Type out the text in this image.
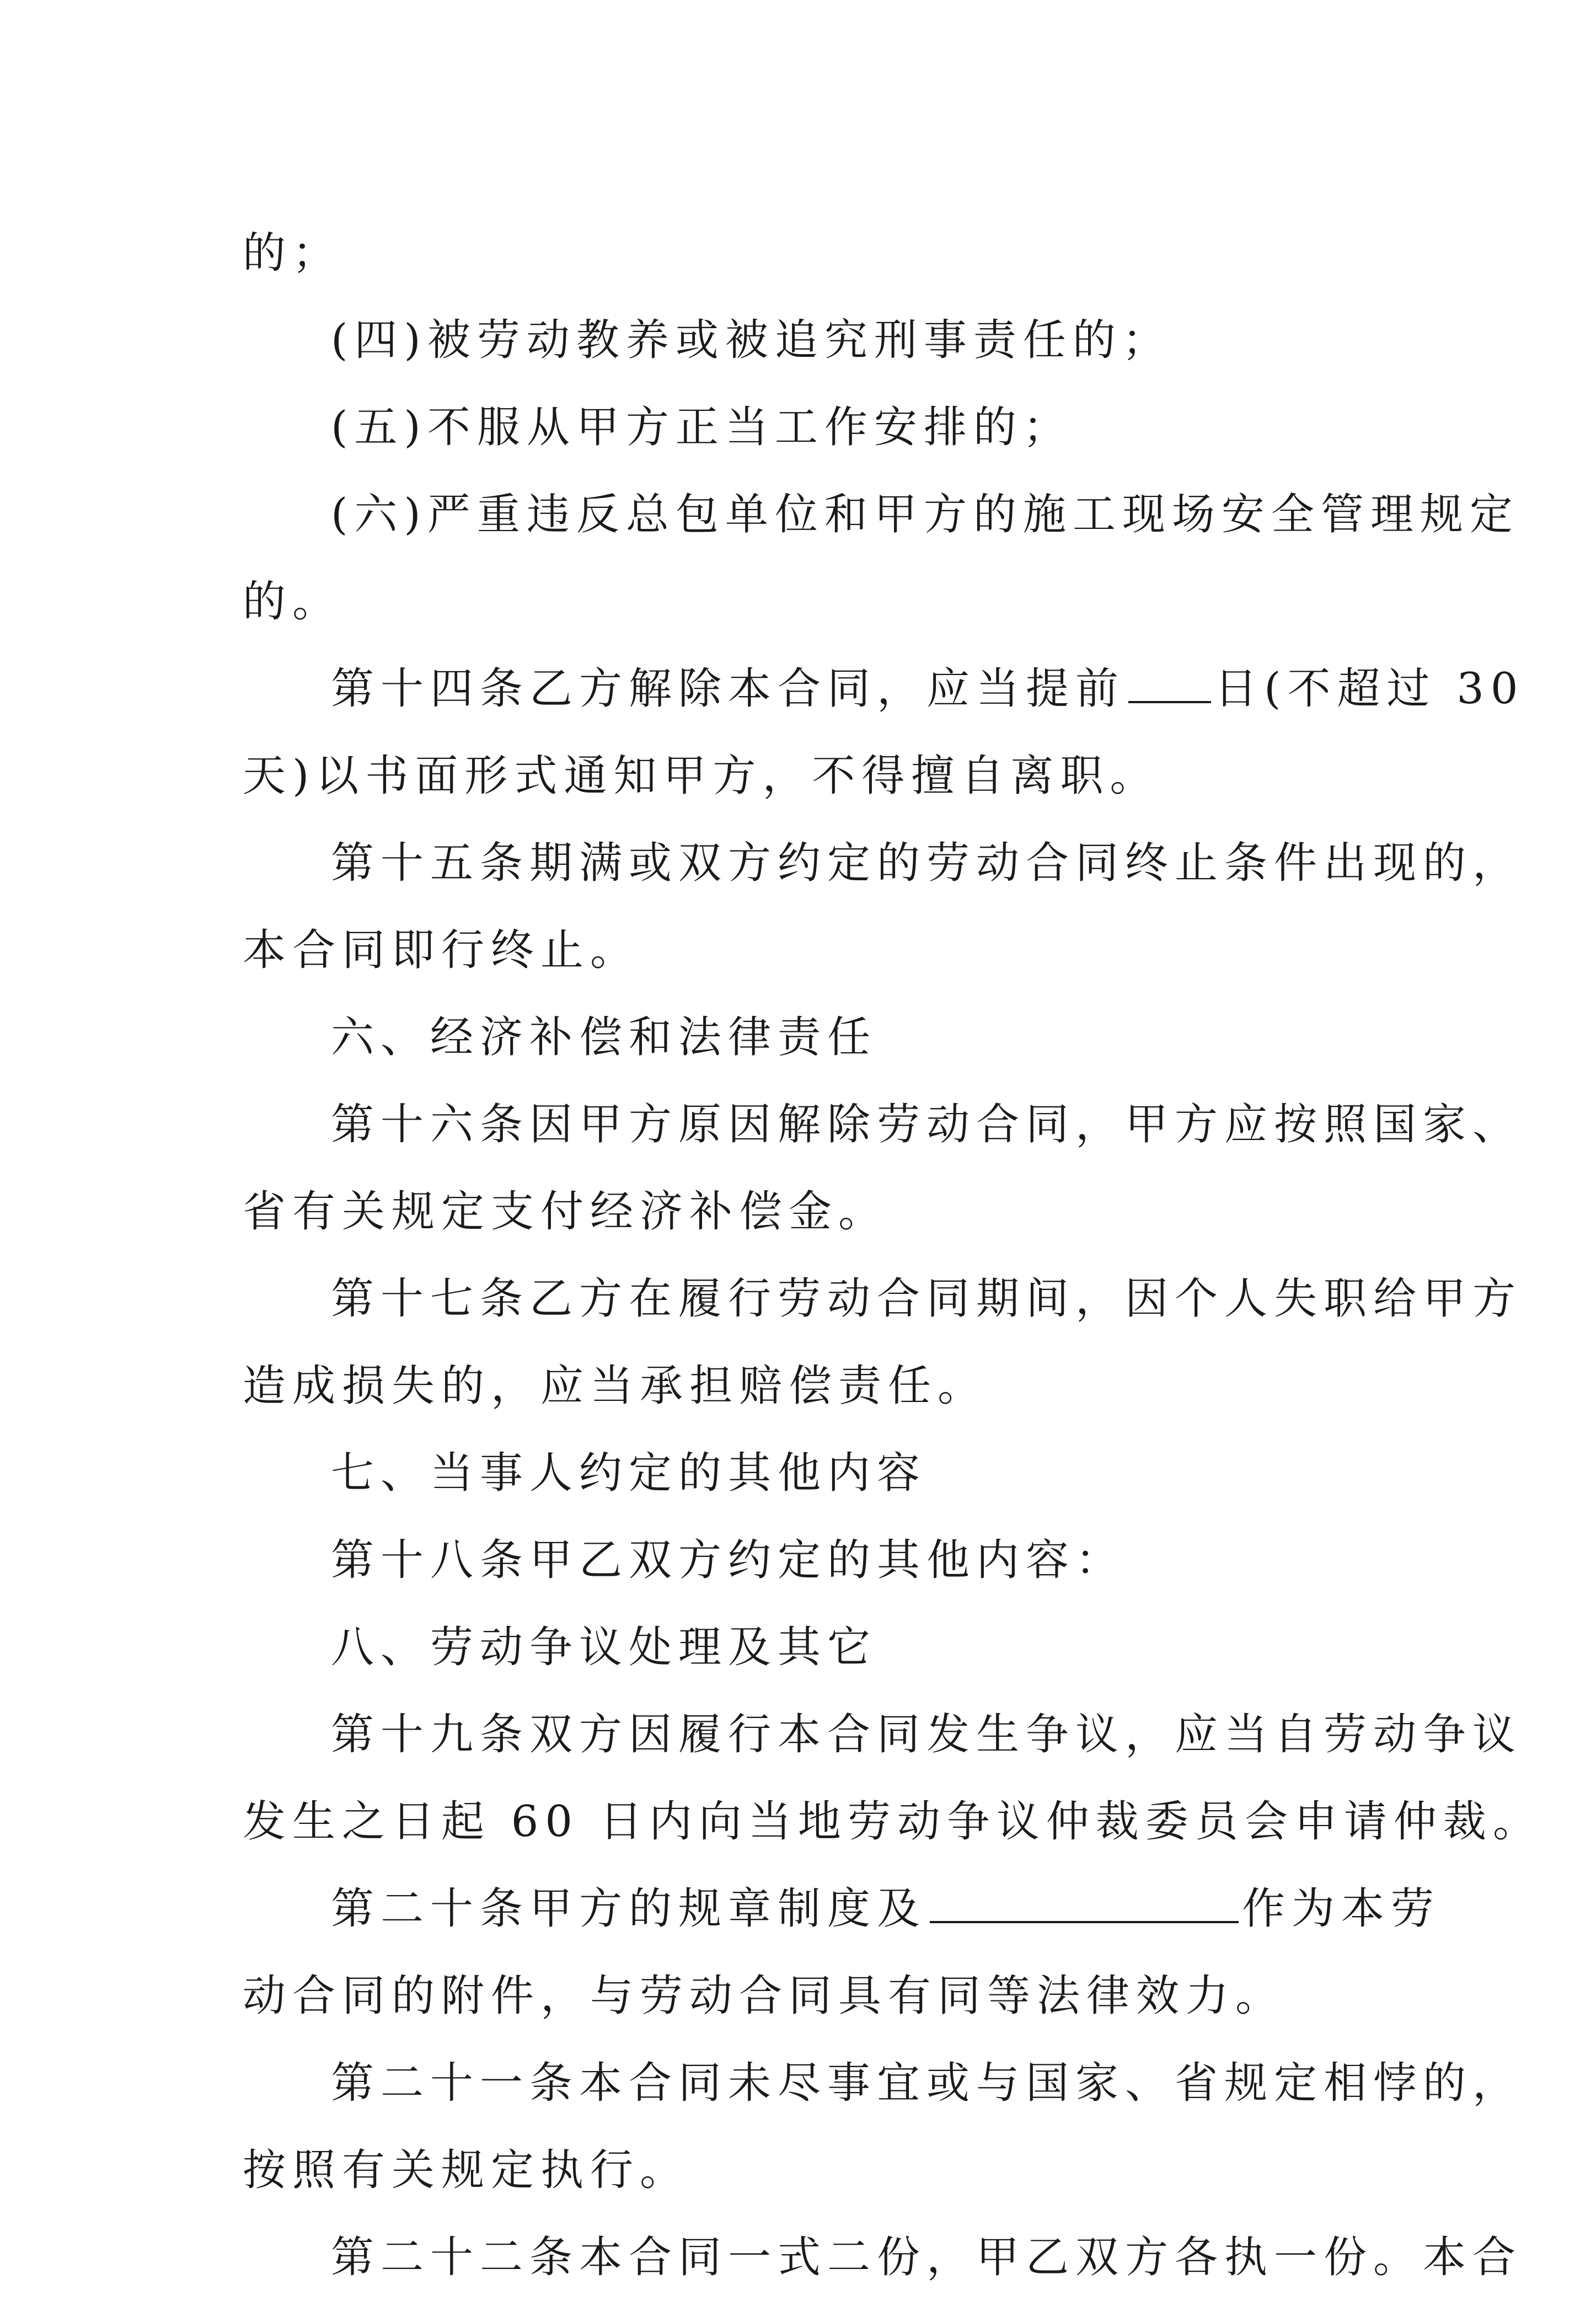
的；
(四)被劳动教养或被追究刑事责任的；
(五)不服从甲方正当工作安排的；
(六)严重违反总包单位和甲方的施工现场安全管理规定
的。
第十四条乙方解除本合同，应当提前 日(不超过 30
天)以书面形式通知甲方，不得擅自离职。
第十五条期满或双方约定的劳动合同终止条件出现的，
本合同即行终止。
六、经济补偿和法律责任
第十六条因甲方原因解除劳动合同，甲方应按照国家、
省有关规定支付经济补偿金。
第十七条乙方在履行劳动合同期间，因个人失职给甲方
造成损失的，应当承担赔偿责任。
七、当事人约定的其他内容
第十八条甲乙双方约定的其他内容：
八、劳动争议处理及其它
第十九条双方因履行本合同发生争议，应当自劳动争议
发生之日起 60 日内向当地劳动争议仲裁委员会申请仲裁。
第二十条甲方的规章制度及	作为本劳
动合同的附件，与劳动合同具有同等法律效力。
第二十一条本合同未尽事宜或与国家、省规定相悖的，
按照有关规定执行。
第二十二条本合同一式二份，甲乙双方各执一份。本合
